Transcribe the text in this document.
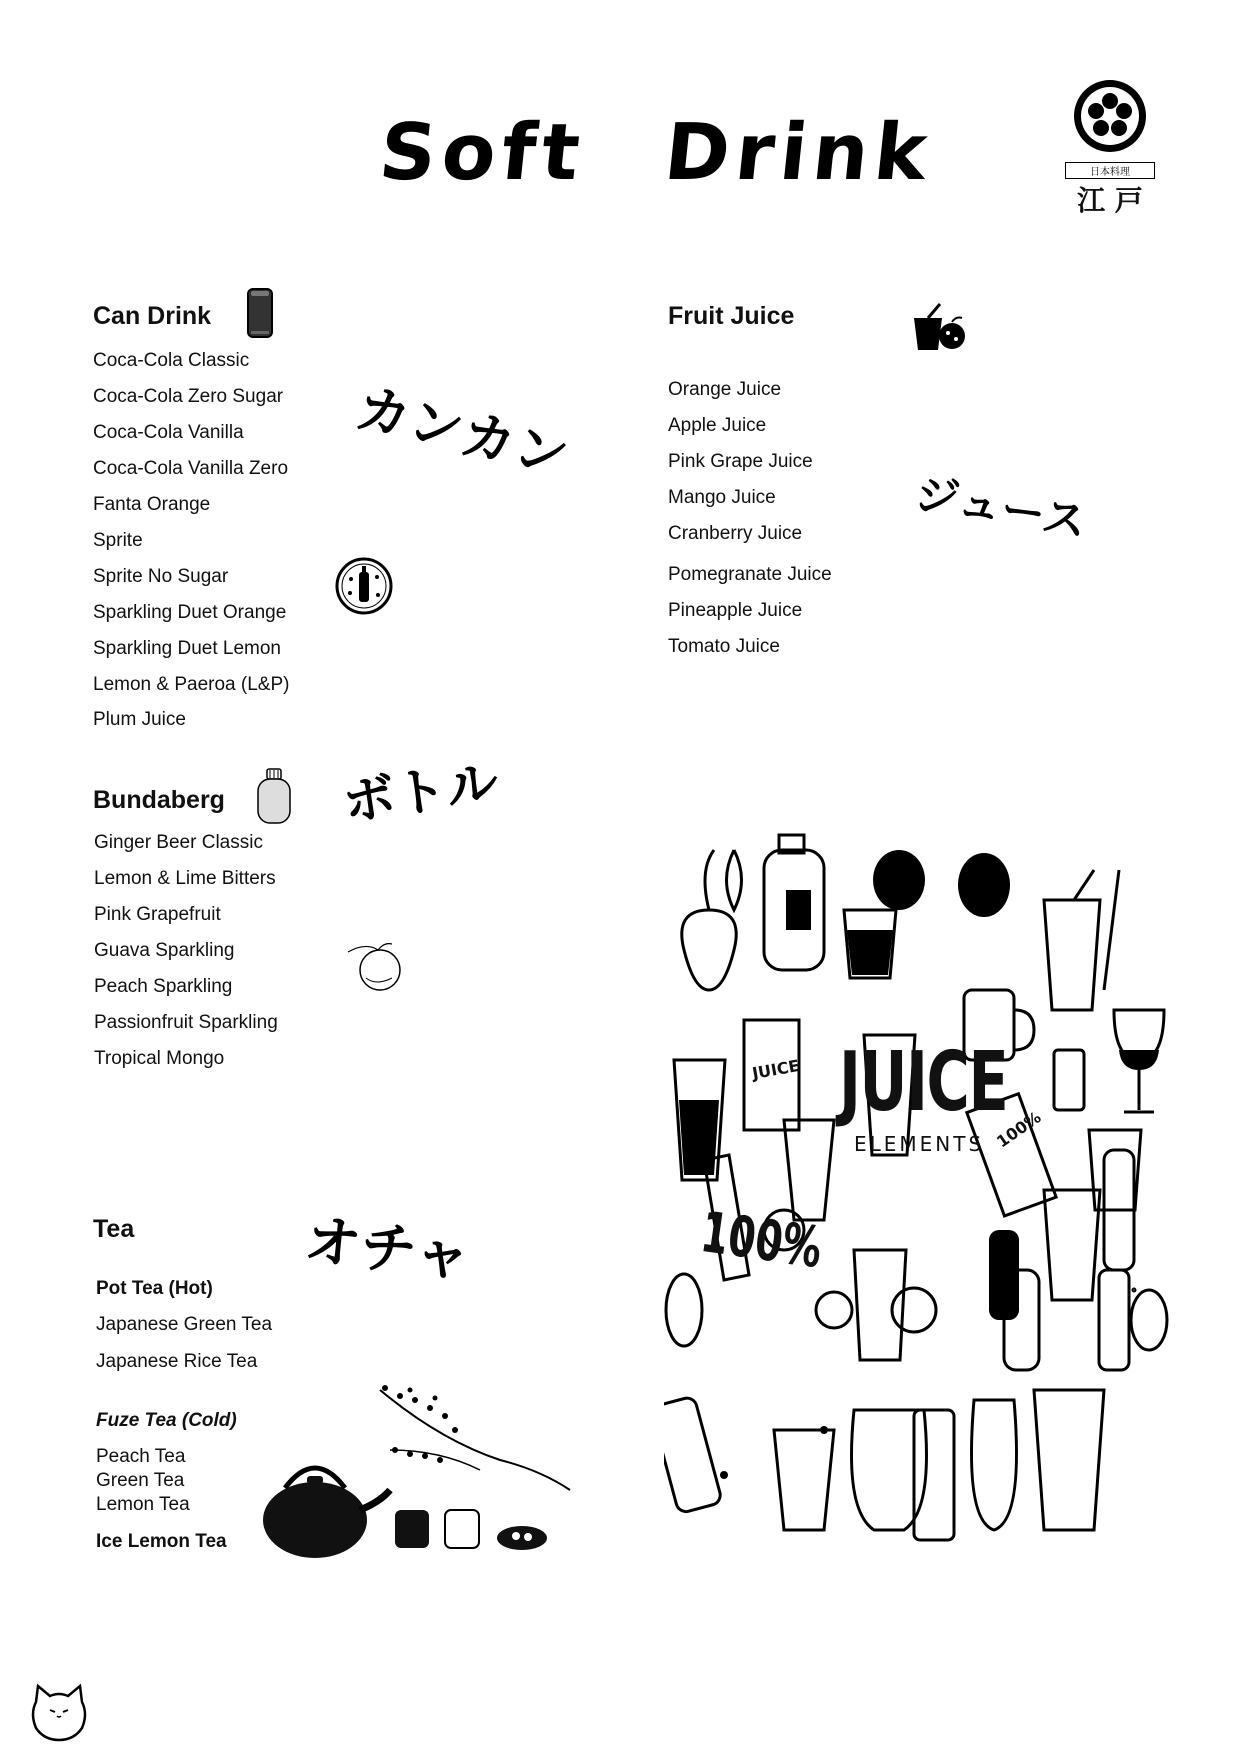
Soft Drink	日本料理
江 戸
Can Drink
Coca-Cola Classic
Coca-Cola Zero Sugar
Coca-Cola Vanilla
Coca-Cola Vanilla Zero
Fanta Orange
Sprite
Sprite No Sugar
Sparkling Duet Orange
Sparkling Duet Lemon
Lemon & Paeroa (L&P)
Plum Juice
カンカン
Fruit Juice
Orange Juice
Apple Juice
Pink Grape Juice
Mango Juice
Cranberry Juice
Pomegranate Juice
Pineapple Juice
Tomato Juice
ジュース
Bundaberg ボトル
Ginger Beer Classic
Lemon & Lime Bitters
Pink Grapefruit
Guava Sparkling
Peach Sparkling
Passionfruit Sparkling
Tropical Mongo
Tea	オチャ
Pot Tea (Hot)
Japanese Green Tea
Japanese Rice Tea
Fuze Tea (Cold)
Peach Tea
Green Tea
Lemon Tea
Ice Lemon Tea
JUICE
ELEMENTS
100%
JUICE
100%
